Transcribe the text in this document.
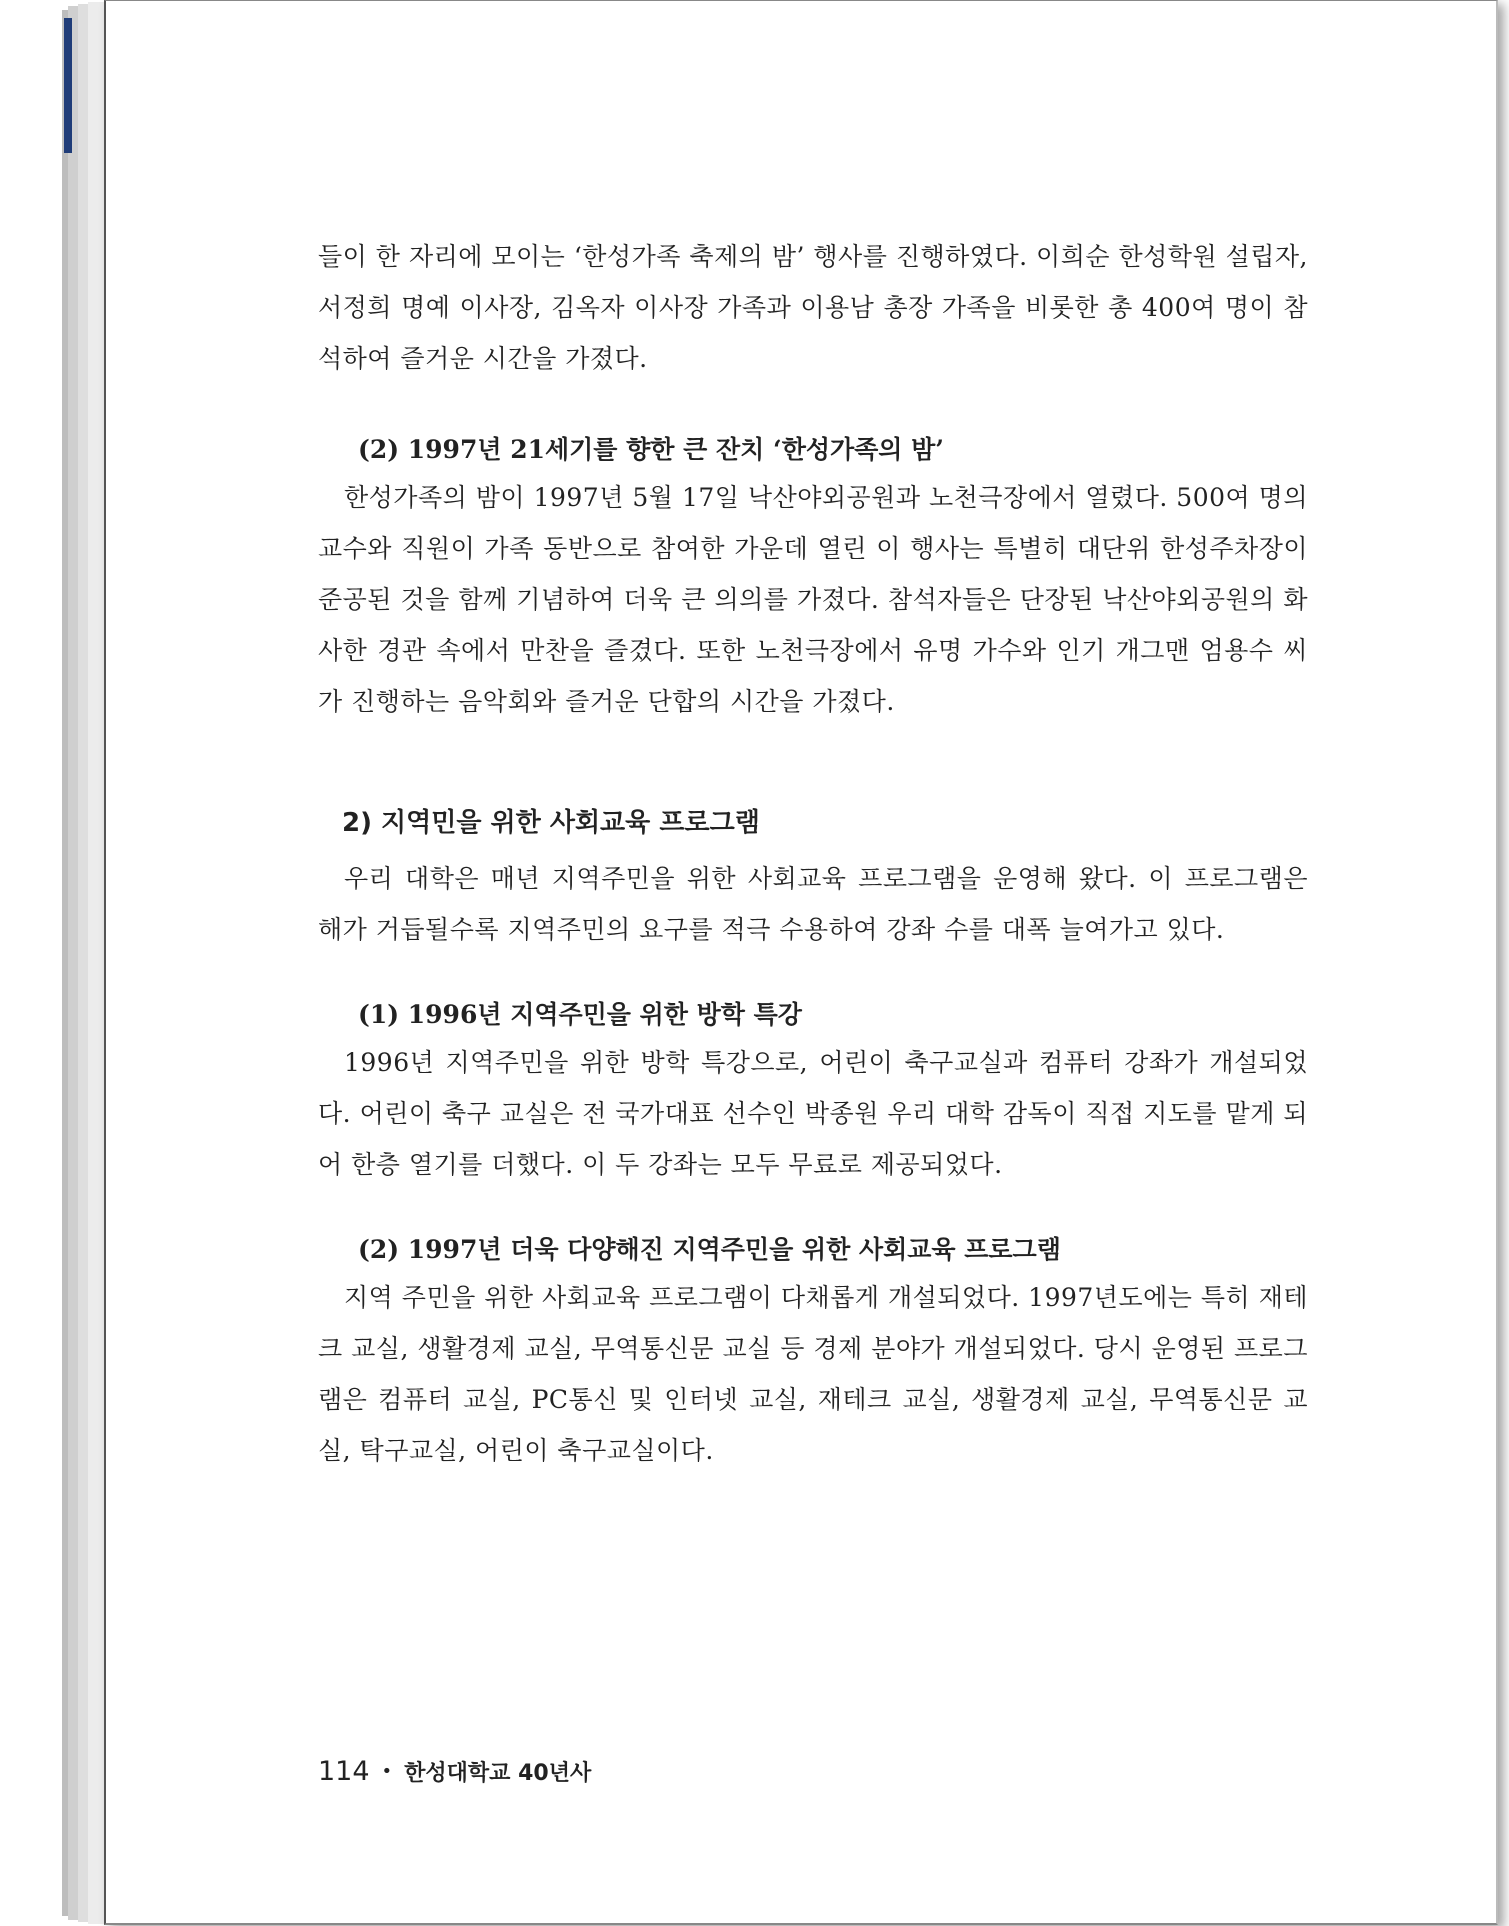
들이 한 자리에 모이는 ‘한성가족 축제의 밤’ 행사를 진행하였다. 이희순 한성학원 설립자, 서정희 명예 이사장, 김옥자 이사장 가족과 이용남 총장 가족을 비롯한 총 400여 명이 참석하여 즐거운 시간을 가졌다.

(2) 1997년 21세기를 향한 큰 잔치 ‘한성가족의 밤’

한성가족의 밤이 1997년 5월 17일 낙산야외공원과 노천극장에서 열렸다. 500여 명의 교수와 직원이 가족 동반으로 참여한 가운데 열린 이 행사는 특별히 대단위 한성주차장이 준공된 것을 함께 기념하여 더욱 큰 의의를 가졌다. 참석자들은 단장된 낙산야외공원의 화사한 경관 속에서 만찬을 즐겼다. 또한 노천극장에서 유명 가수와 인기 개그맨 엄용수 씨가 진행하는 음악회와 즐거운 단합의 시간을 가졌다.

2) 지역민을 위한 사회교육 프로그램

우리 대학은 매년 지역주민을 위한 사회교육 프로그램을 운영해 왔다. 이 프로그램은 해가 거듭될수록 지역주민의 요구를 적극 수용하여 강좌 수를 대폭 늘여가고 있다.

(1) 1996년 지역주민을 위한 방학 특강

1996년 지역주민을 위한 방학 특강으로, 어린이 축구교실과 컴퓨터 강좌가 개설되었다. 어린이 축구 교실은 전 국가대표 선수인 박종원 우리 대학 감독이 직접 지도를 맡게 되어 한층 열기를 더했다. 이 두 강좌는 모두 무료로 제공되었다.

(2) 1997년 더욱 다양해진 지역주민을 위한 사회교육 프로그램

지역 주민을 위한 사회교육 프로그램이 다채롭게 개설되었다. 1997년도에는 특히 재테크 교실, 생활경제 교실, 무역통신문 교실 등 경제 분야가 개설되었다. 당시 운영된 프로그램은 컴퓨터 교실, PC통신 및 인터넷 교실, 재테크 교실, 생활경제 교실, 무역통신문 교실, 탁구교실, 어린이 축구교실이다.

114 • 한성대학교 40년사
